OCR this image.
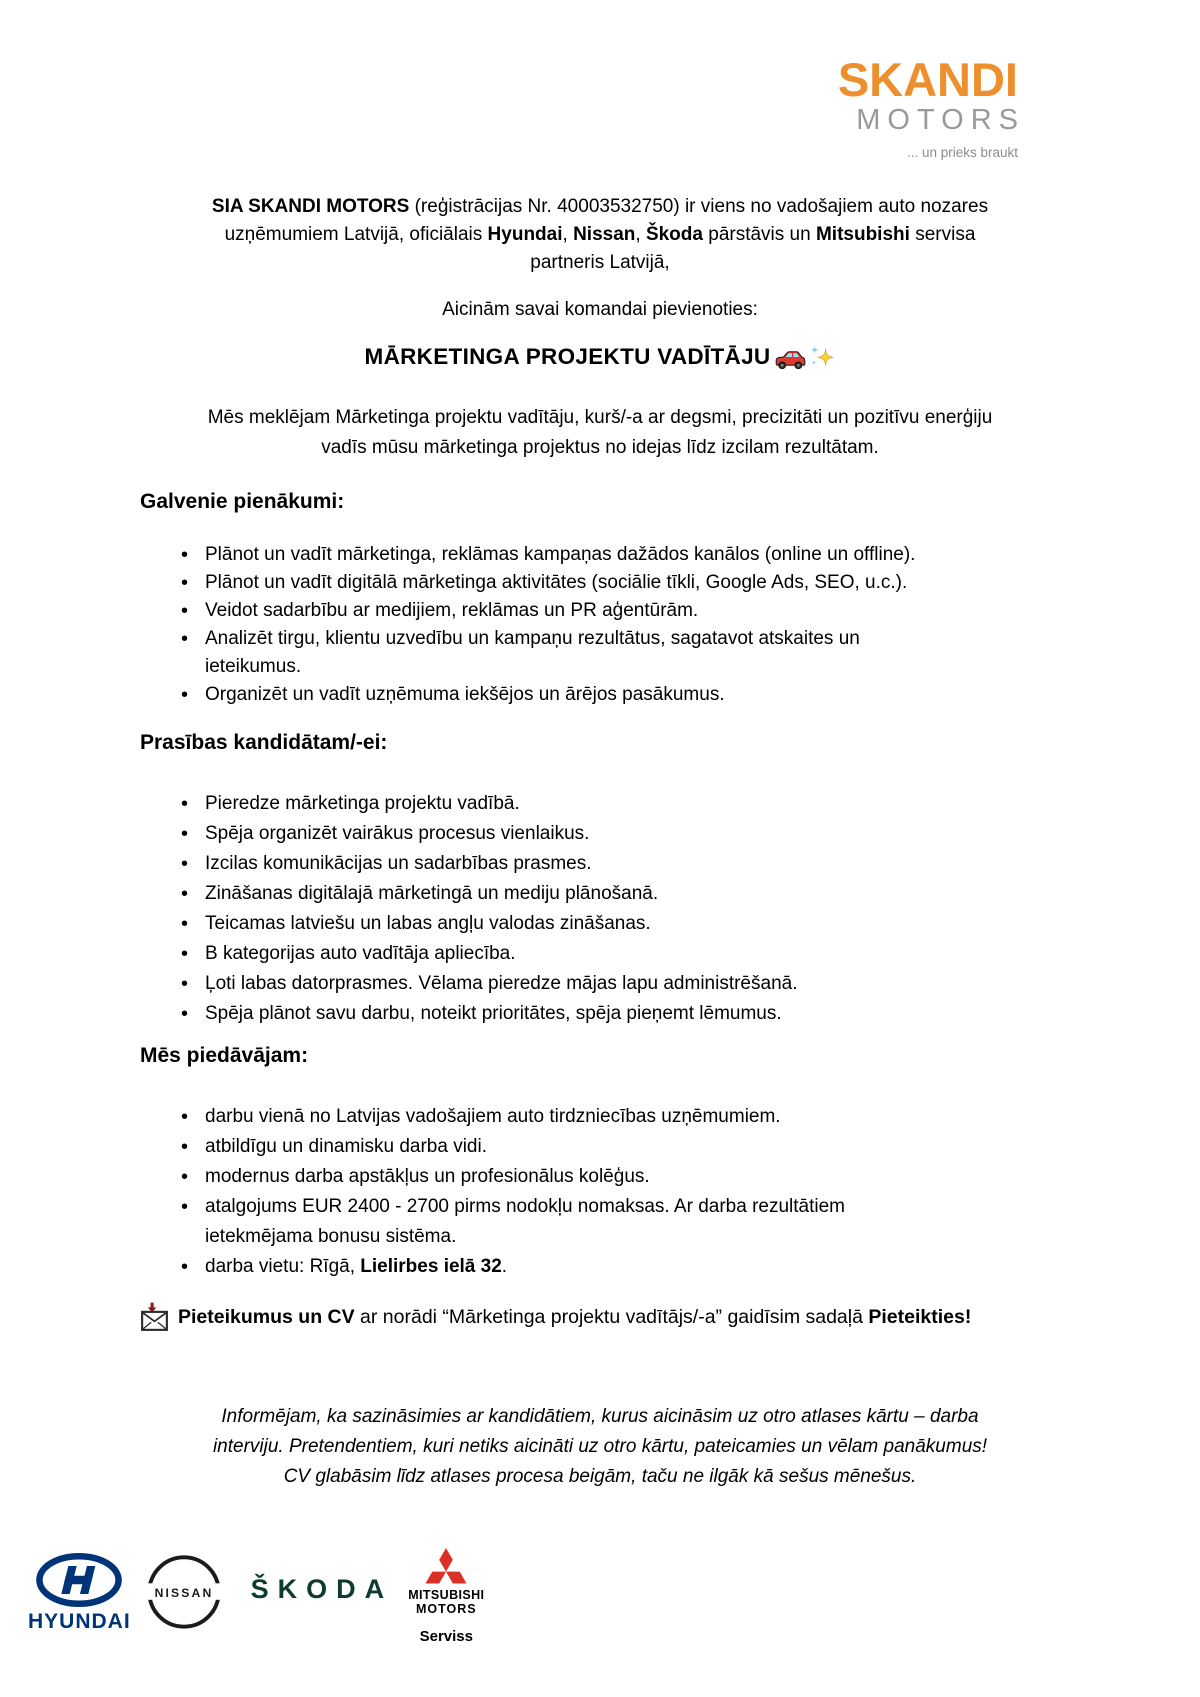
SKANDI
MOTORS
... un prieks braukt

SIA SKANDI MOTORS (reģistrācijas Nr. 40003532750) ir viens no vadošajiem auto nozares
uzņēmumiem Latvijā, oficiālais Hyundai, Nissan, Škoda pārstāvis un Mitsubishi servisa
partneris Latvijā,

Aicinām savai komandai pievienoties:

MĀRKETINGA PROJEKTU VADĪTĀJU

Mēs meklējam Mārketinga projektu vadītāju, kurš/-a ar degsmi, precizitāti un pozitīvu enerģiju
vadīs mūsu mārketinga projektus no idejas līdz izcilam rezultātam.

Galvenie pienākumi:
• Plānot un vadīt mārketinga, reklāmas kampaņas dažādos kanālos (online un offline).
• Plānot un vadīt digitālā mārketinga aktivitātes (sociālie tīkli, Google Ads, SEO, u.c.).
• Veidot sadarbību ar medijiem, reklāmas un PR aģentūrām.
• Analizēt tirgu, klientu uzvedību un kampaņu rezultātus, sagatavot atskaites un
ieteikumus.
• Organizēt un vadīt uzņēmuma iekšējos un ārējos pasākumus.
Prasības kandidātam/-ei:
• Pieredze mārketinga projektu vadībā.
• Spēja organizēt vairākus procesus vienlaikus.
• Izcilas komunikācijas un sadarbības prasmes.
• Zināšanas digitālajā mārketingā un mediju plānošanā.
• Teicamas latviešu un labas angļu valodas zināšanas.
• B kategorijas auto vadītāja apliecība.
• Ļoti labas datorprasmes. Vēlama pieredze mājas lapu administrēšanā.
• Spēja plānot savu darbu, noteikt prioritātes, spēja pieņemt lēmumus.
Mēs piedāvājam:
• darbu vienā no Latvijas vadošajiem auto tirdzniecības uzņēmumiem.
• atbildīgu un dinamisku darba vidi.
• modernus darba apstākļus un profesionālus kolēģus.
• atalgojums EUR 2400 - 2700 pirms nodokļu nomaksas. Ar darba rezultātiem
ietekmējama bonusu sistēma.
• darba vietu: Rīgā, Lielirbes ielā 32.
Pieteikumus un CV ar norādi “Mārketinga projektu vadītājs/-a” gaidīsim sadaļā Pieteikties!

Informējam, ka sazināsimies ar kandidātiem, kurus aicināsim uz otro atlases kārtu – darba
interviju. Pretendentiem, kuri netiks aicināti uz otro kārtu, pateicamies un vēlam panākumus!
CV glabāsim līdz atlases procesa beigām, taču ne ilgāk kā sešus mēnešus.

HYUNDAI
NISSAN ŠKODA MITSUBISHI
MOTORS
Serviss
